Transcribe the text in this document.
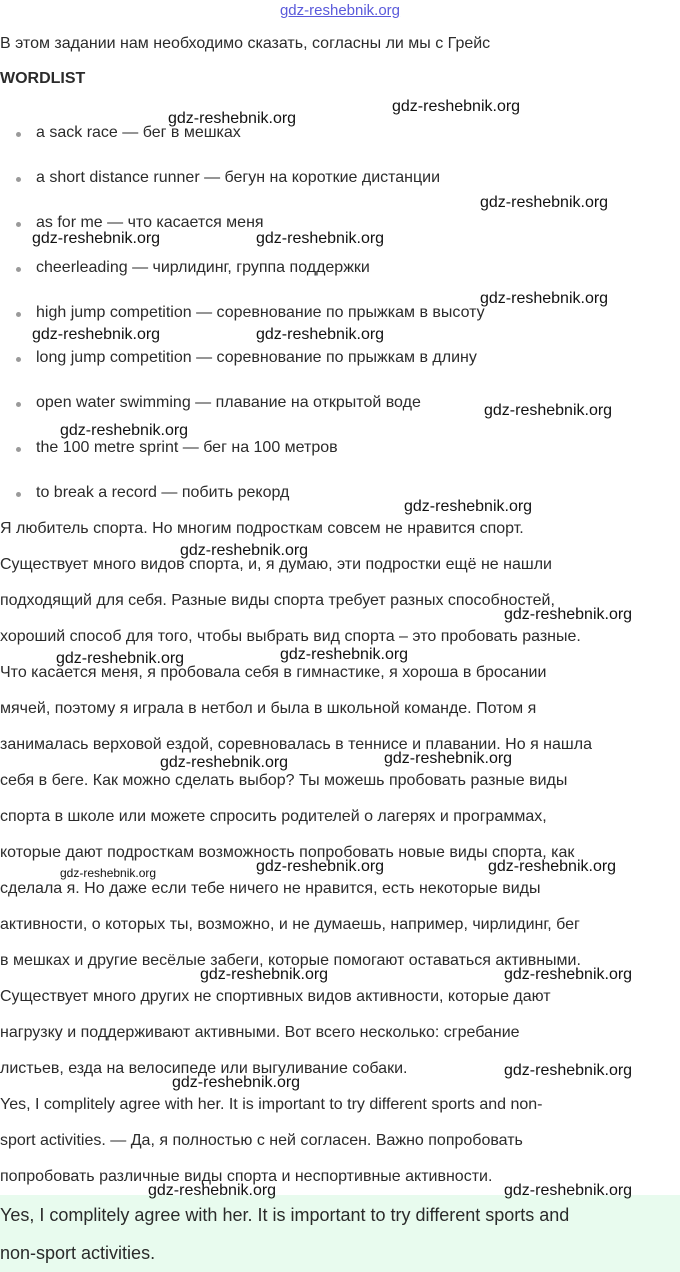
gdz-reshebnik.org
В этом задании нам необходимо сказать, согласны ли мы с Грейс
WORDLIST
a sack race — бег в мешках
a short distance runner — бегун на короткие дистанции
as for me — что касается меня
cheerleading — чирлидинг, группа поддержки
high jump competition — соревнование по прыжкам в высоту
long jump competition — соревнование по прыжкам в длину
open water swimming — плавание на открытой воде
the 100 metre sprint — бег на 100 метров
to break a record — побить рекорд
Я любитель спорта. Но многим подросткам совсем не нравится спорт.
Существует много видов спорта, и, я думаю, эти подростки ещё не нашли
подходящий для себя. Разные виды спорта требует разных способностей,
хороший способ для того, чтобы выбрать вид спорта – это пробовать разные.
Что касается меня, я пробовала себя в гимнастике, я хороша в бросании
мячей, поэтому я играла в нетбол и была в школьной команде. Потом я
занималась верховой ездой, соревновалась в теннисе и плавании. Но я нашла
себя в беге. Как можно сделать выбор? Ты можешь пробовать разные виды
спорта в школе или можете спросить родителей о лагерях и программах,
которые дают подросткам возможность попробовать новые виды спорта, как
сделала я. Но даже если тебе ничего не нравится, есть некоторые виды
активности, о которых ты, возможно, и не думаешь, например, чирлидинг, бег
в мешках и другие весёлые забеги, которые помогают оставаться активными.
Существует много других не спортивных видов активности, которые дают
нагрузку и поддерживают активными. Вот всего несколько: сгребание
листьев, езда на велосипеде или выгуливание собаки.
Yes, I complitely agree with her. It is important to try different sports and non-
sport activities. — Да, я полностью с ней согласен. Важно попробовать
попробовать различные виды спорта и неспортивные активности.
Yes, I complitely agree with her. It is important to try different sports and
non-sport activities.
gdz-reshebnik.org
gdz-reshebnik.org
gdz-reshebnik.org
gdz-reshebnik.org	gdz-reshebnik.org
gdz-reshebnik.org
gdz-reshebnik.org	gdz-reshebnik.org
gdz-reshebnik.org
gdz-reshebnik.org
gdz-reshebnik.org
gdz-reshebnik.org
gdz-reshebnik.org
gdz-reshebnik.org	gdz-reshebnik.org
gdz-reshebnik.org	gdz-reshebnik.org
gdz-reshebnik.org	gdz-reshebnik.org	gdz-reshebnik.org
gdz-reshebnik.org	gdz-reshebnik.org
gdz-reshebnik.org
gdz-reshebnik.org
gdz-reshebnik.org	gdz-reshebnik.org
